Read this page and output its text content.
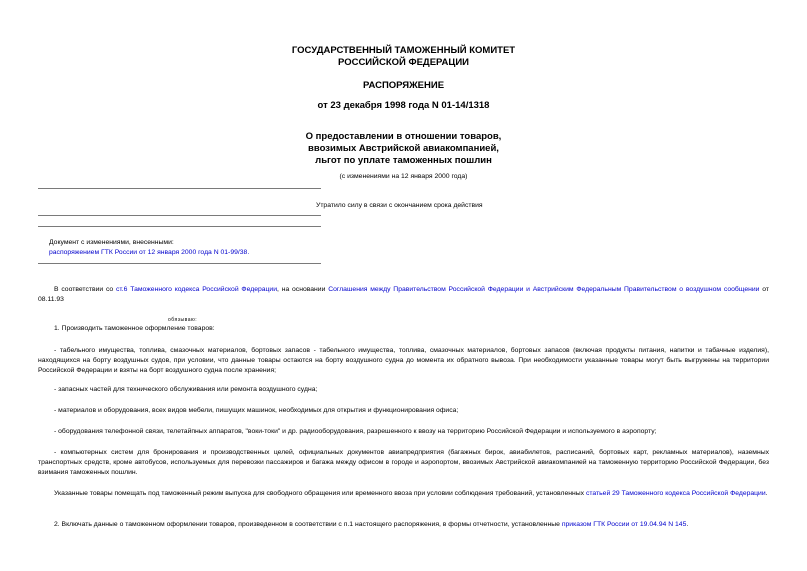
ГОСУДАРСТВЕННЫЙ ТАМОЖЕННЫЙ КОМИТЕТ
РОССИЙСКОЙ ФЕДЕРАЦИИ
РАСПОРЯЖЕНИЕ
от 23 декабря 1998 года N 01-14/1318
О предоставлении в отношении товаров,
ввозимых Австрийской авиакомпанией,
льгот по уплате таможенных пошлин
(с изменениями на 12 января 2000 года)
Утратило силу в связи с окончанием срока действия
Документ с изменениями, внесенными:
распоряжением ГТК России от 12 января 2000 года N 01-99/38.
В соответствии со ст.6 Таможенного кодекса Российской Федерации, на основании Соглашения между Правительством Российской Федерации и Австрийским Федеральным Правительством о воздушном сообщении от 08.11.93
обязываю:
1. Производить таможенное оформление товаров:
- табельного имущества, топлива, смазочных материалов, бортовых запасов - табельного имущества, топлива, смазочных материалов, бортовых запасов (включая продукты питания, напитки и табачные изделия), находящихся на борту воздушных судов, при условии, что данные товары остаются на борту воздушного судна до момента их обратного вывоза. При необходимости указанные товары могут быть выгружены на территории Российской Федерации и взяты на борт воздушного судна после хранения;
- запасных частей для технического обслуживания или ремонта воздушного судна;
- материалов и оборудования, всех видов мебели, пишущих машинок, необходимых для открытия и функционирования офиса;
- оборудования телефонной связи, телетайпных аппаратов, "воки-токи" и др. радиооборудования, разрешенного к ввозу на территорию Российской Федерации и используемого в аэропорту;
- компьютерных систем для бронирования и производственных целей, официальных документов авиапредприятия (багажных бирок, авиабилетов, расписаний, бортовых карт, рекламных материалов), наземных транспортных средств, кроме автобусов, используемых для перевозки пассажиров и багажа между офисом в городе и аэропортом, ввозимых Австрийской авиакомпанией на таможенную территорию Российской Федерации, без взимания таможенных пошлин.
Указанные товары помещать под таможенный режим выпуска для свободного обращения или временного ввоза при условии соблюдения требований, установленных статьей 29 Таможенного кодекса Российской Федерации.
2. Включать данные о таможенном оформлении товаров, произведенном в соответствии с п.1 настоящего распоряжения, в формы отчетности, установленные приказом ГТК России от 19.04.94 N 145.
